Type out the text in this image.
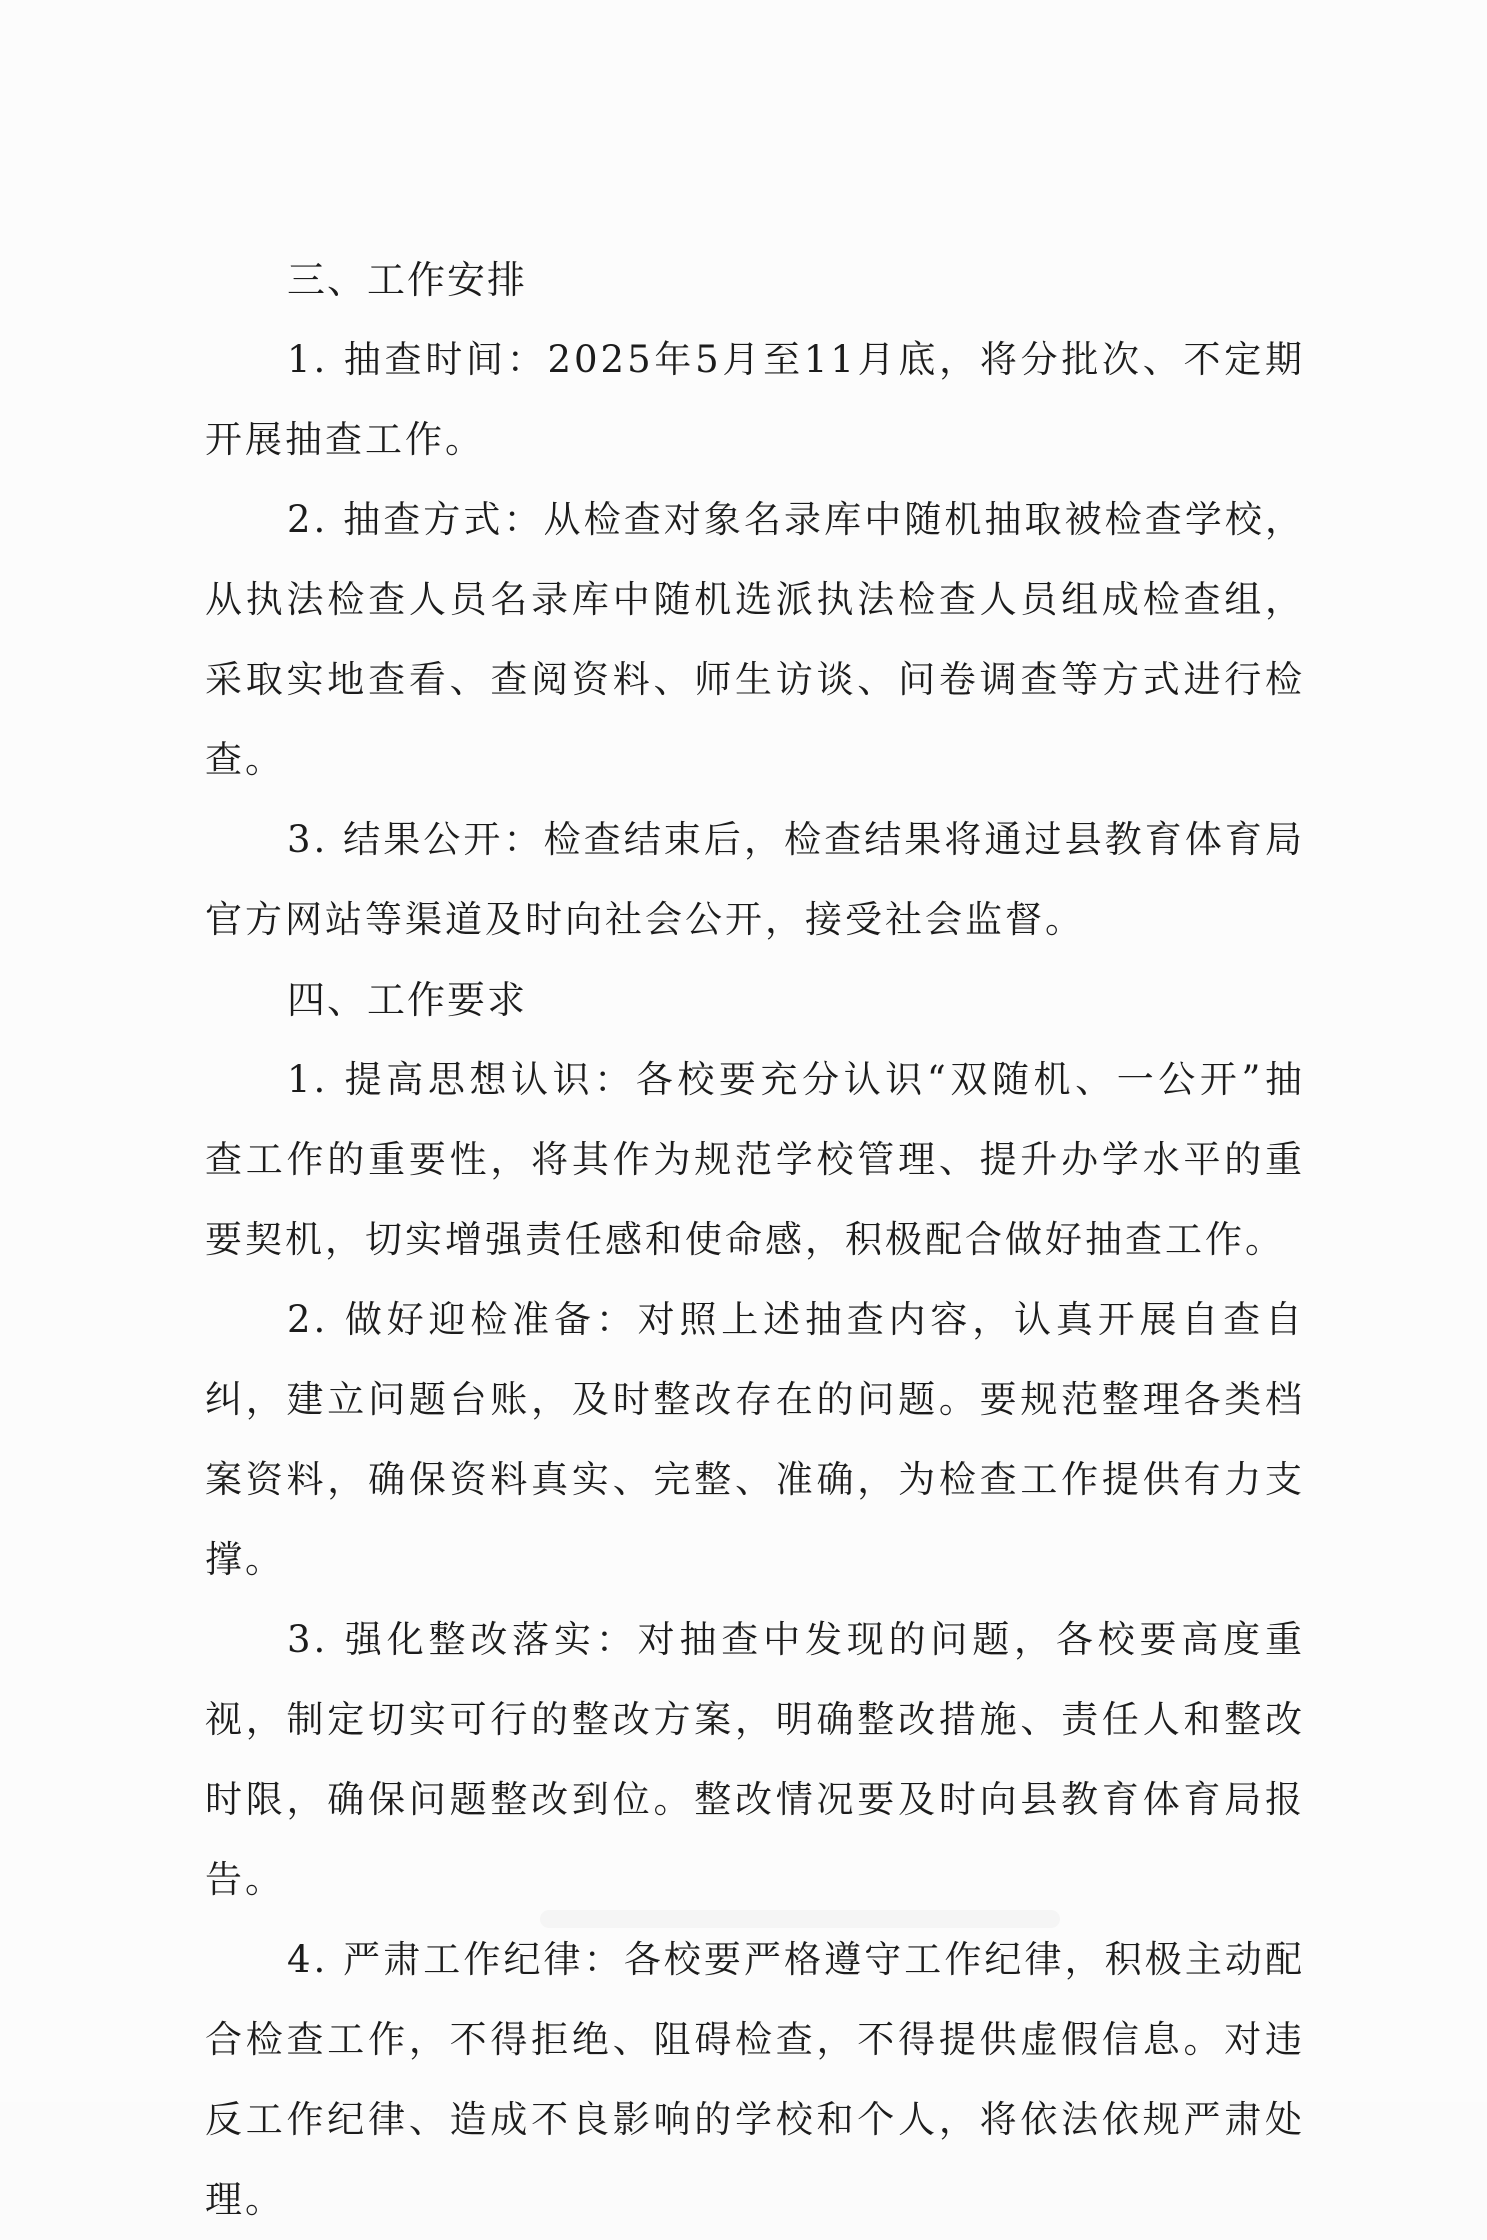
三、工作安排

1. 抽查时间：2025年5月至11月底，将分批次、不定期开展抽查工作。

2. 抽查方式：从检查对象名录库中随机抽取被检查学校，从执法检查人员名录库中随机选派执法检查人员组成检查组，采取实地查看、查阅资料、师生访谈、问卷调查等方式进行检查。

3. 结果公开：检查结束后，检查结果将通过县教育体育局官方网站等渠道及时向社会公开，接受社会监督。

四、工作要求

1. 提高思想认识：各校要充分认识“双随机、一公开”抽查工作的重要性，将其作为规范学校管理、提升办学水平的重要契机，切实增强责任感和使命感，积极配合做好抽查工作。

2. 做好迎检准备：对照上述抽查内容，认真开展自查自纠，建立问题台账，及时整改存在的问题。要规范整理各类档案资料，确保资料真实、完整、准确，为检查工作提供有力支撑。

3. 强化整改落实：对抽查中发现的问题，各校要高度重视，制定切实可行的整改方案，明确整改措施、责任人和整改时限，确保问题整改到位。整改情况要及时向县教育体育局报告。

4. 严肃工作纪律：各校要严格遵守工作纪律，积极主动配合检查工作，不得拒绝、阻碍检查，不得提供虚假信息。对违反工作纪律、造成不良影响的学校和个人，将依法依规严肃处理。
